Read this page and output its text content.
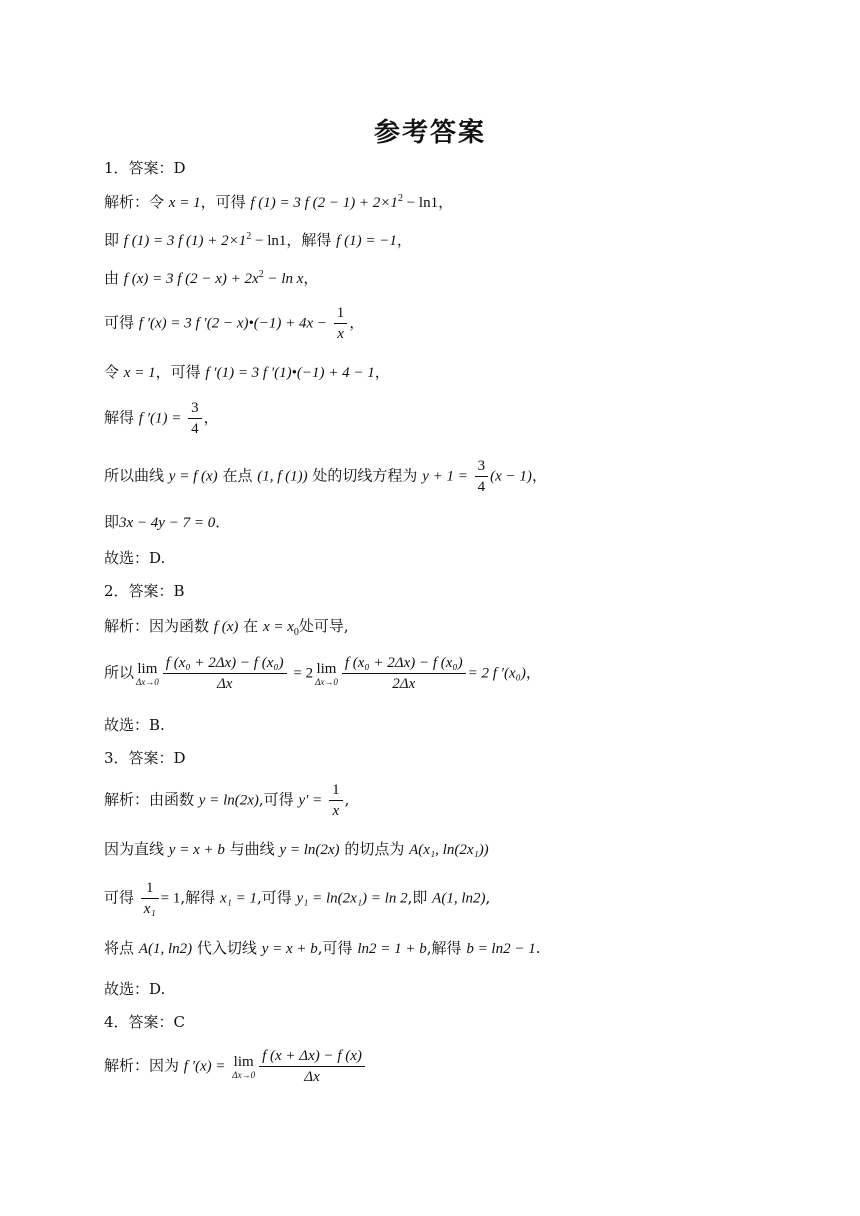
参考答案
1．答案：D
解析：令 x = 1，可得 f (1) = 3 f $(2 - 1) + 2\times 1^2 - \ln 1$，
即 f (1) = 3 f $(1) + 2\times 1^2 - \ln 1$，解得 f (1) = −1，
由 f (x) = 3 f $(2 - x) + 2x^2 - \ln x$，
可得 f ′(x) = 3 f ′(2 − x)•(−1) + $4x - \frac{1}{x}$ ，
令 x = 1，可得 f ′(1) = 3 f ′(1)•(−1) + 4 − 1，
解得 f $'(1) = \frac{3}{4}$ ，
所以曲线 y = f (x) 在点 (1, f (1)) 处的切线方程为 $y + 1 = \frac{3}{4} (x - 1)$，
即3x − 4y − 7 = 0．
故选：D.
2．答案：B
解析：因为函数 f (x) 在 $x = x_0$处可导,
所以 lim
$\Delta x\to 0 \frac{\text{f (x₀ + 2Δx) − f (x₀)}}{\Delta x} = 2$ lim
$\Delta x\to 0 \frac{\text{f (x₀ + 2Δx) − f (x₀)}}{2\Delta x} = 2$ f ′(x₀)，
故选：B.
3．答案：D
解析：由函数 y = ln(2x),可得 $y' = \frac{1}{x}$ ,
因为直线 y = x + b 与曲线 y = ln(2x) 的切点为 A(x₁, ln(2x₁))
可得 $\frac{1}{\text{x₁}} = 1$,解得 x₁ = 1,可得 y₁ = ln(2x₁) = ln 2,即 A(1, ln2),
将点 A(1, ln2) 代入切线 y = x + b,可得 ln2 = 1 + b,解得 b = ln2 − 1.
故选：D.
4．答案：C
解析：因为 f ′(x) = lim
$\Delta x\to 0 \frac{f (x + \Delta x) - f (x)}{\Delta x}$
